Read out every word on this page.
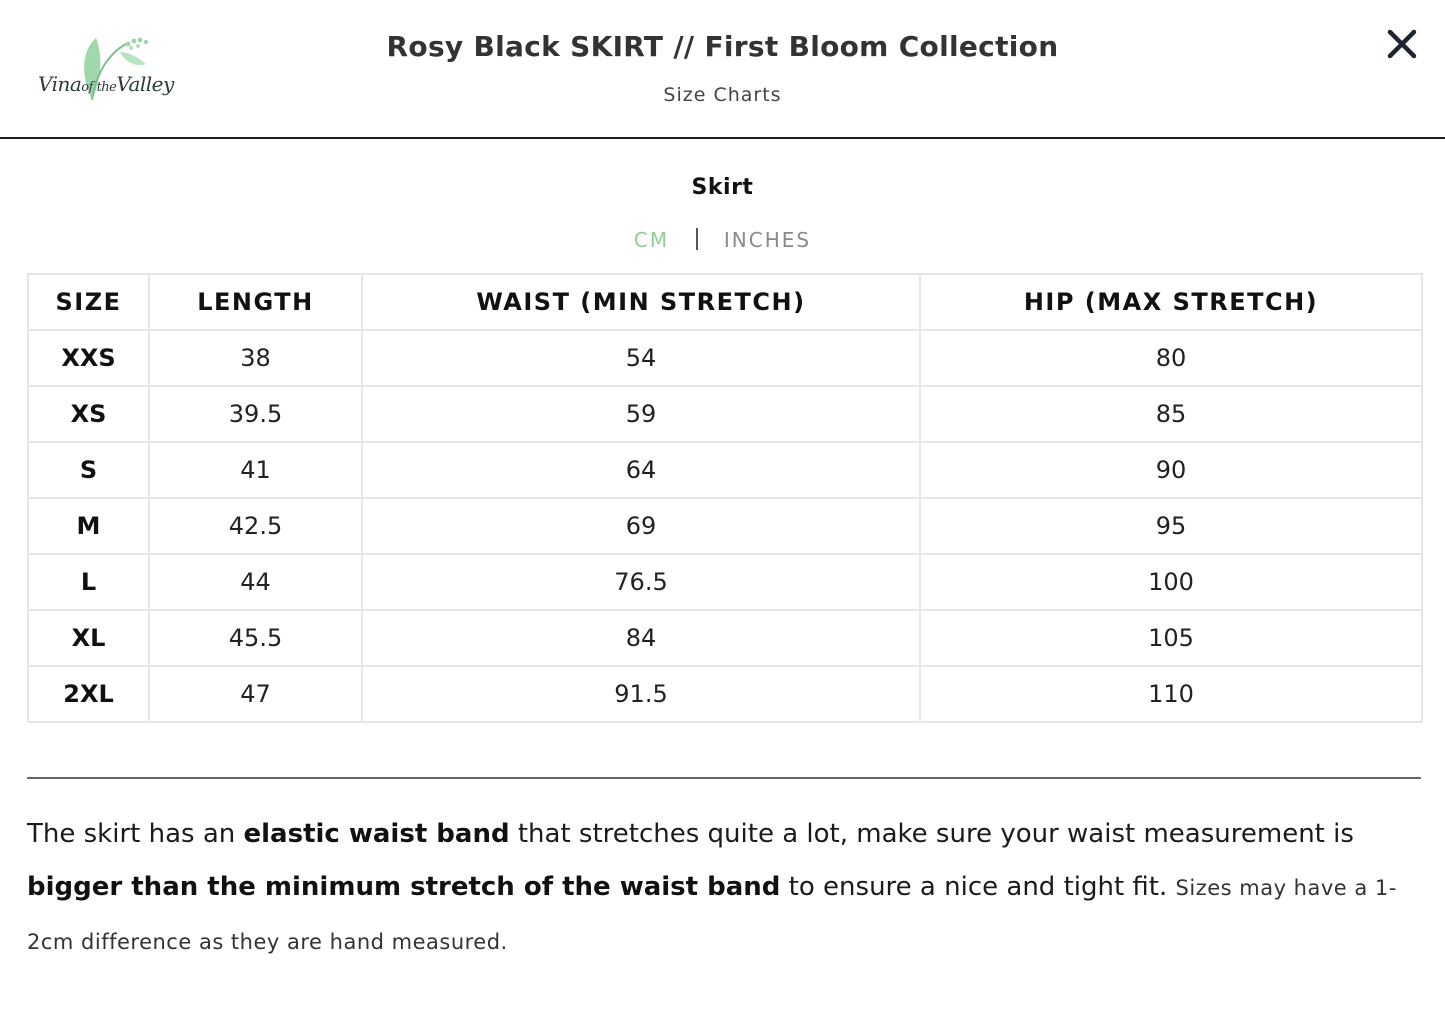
Vinaof theValley
Rosy Black SKIRT // First Bloom Collection
Size Charts
Skirt
CM	INCHES
SIZE	LENGTH	WAIST (MIN STRETCH)	HIP (MAX STRETCH)
XXS	38	54	80
XS	39.5	59	85
S	41	64	90
M	42.5	69	95
L	44	76.5	100
XL	45.5	84	105
2XL	47	91.5	110
The skirt has an elastic waist band that stretches quite a lot, make sure your waist measurement is bigger than the minimum stretch of the waist band to ensure a nice and tight fit. Sizes may have a 1-2cm difference as they are hand measured.
